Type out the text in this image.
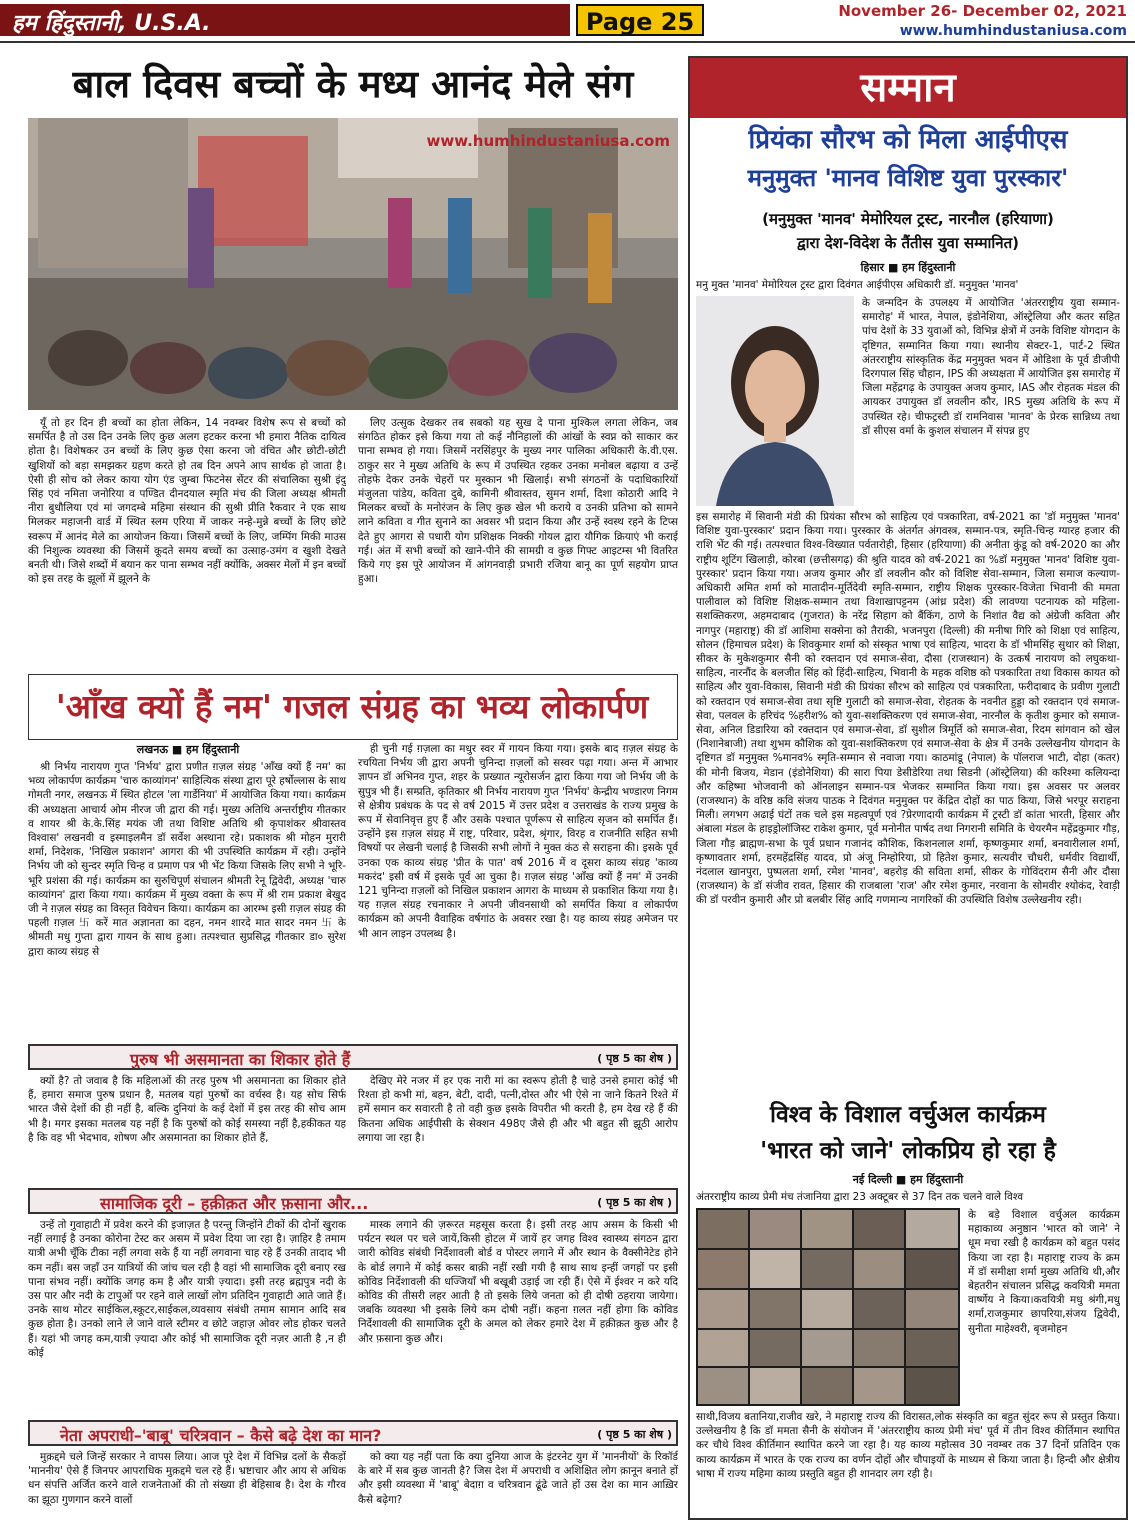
हम हिंदुस्तानी, U.S.A.	Page 25	November 26- December 02, 2021
www.humhindustaniusa.com
बाल दिवस बच्चों के मध्य आनंद मेले संग
www.humhindustaniusa.com

यूँ तो हर दिन ही बच्चों का होता लेकिन, 14 नवम्बर विशेष रूप से बच्चों को समर्पित है तो उस दिन उनके लिए कुछ अलग हटकर करना भी हमारा नैतिक दायित्व होता है। विशेषकर उन बच्चों के लिए कुछ ऐसा करना जो वंचित और छोटी-छोटी खुशियों को बड़ा समझकर ग्रहण करते हो तब दिन अपने आप सार्थक हो जाता है। ऐसी ही सोच को लेकर काया योग एंड जुम्बा फिटनेस सेंटर की संचालिका सुश्री इंदु सिंह एवं नमिता जनोरिया व पण्डित दीनदयाल स्मृति मंच की जिला अध्यक्ष श्रीमती नीरा बुधौलिया एवं मां जगदम्बे महिमा संस्थान की सुश्री प्रीति रैकवार ने एक साथ मिलकर महाजनी वार्ड में स्थित स्लम एरिया में जाकर नन्हे-मुन्ने बच्चों के लिए छोटे स्वरूप में आनंद मेले का आयोजन किया। जिसमें बच्चों के लिए, जम्पिंग मिकी माउस की निशुल्क व्यवस्था की जिसमें कूदते समय बच्चों का उत्साह-उमंग व खुशी देखते बनती थी। जिसे शब्दों में बयान कर पाना सम्भव नहीं क्योंकि, अक्सर मेलों में इन बच्चों को इस तरह के झूलों में झूलने के

लिए उत्सुक देखकर तब सबको यह सुख दे पाना मुश्किल लगता लेकिन, जब संगठित होकर इसे किया गया तो कई नौनिहालों की आंखों के स्वप्न को साकार कर पाना सम्भव हो गया। जिसमें नरसिंहपुर के मुख्य नगर पालिका अधिकारी के.वी.एस. ठाकुर सर ने मुख्य अतिथि के रूप में उपस्थित रहकर उनका मनोबल बढ़ाया व उन्हें तोहफे देकर उनके चेहरों पर मुस्कान भी खिलाई। सभी संगठनों के पदाधिकारियों मंजुलता पांडेय, कविता दुबे, कामिनी श्रीवास्तव, सुमन शर्मा, दिशा कोठारी आदि ने मिलकर बच्चों के मनोरंजन के लिए कुछ खेल भी कराये व उनकी प्रतिभा को सामने लाने कविता व गीत सुनाने का अवसर भी प्रदान किया और उन्हें स्वस्थ रहने के टिप्स देते हुए आगरा से पधारी योग प्रशिक्षक निक्की गोयल द्वारा यौगिक क्रियाएं भी कराई गई। अंत में सभी बच्चों को खाने-पीने की सामग्री व कुछ गिफ्ट आइटम्स भी वितरित किये गए इस पूरे आयोजन में आंगनवाड़ी प्रभारी रजिया बानू का पूर्ण सहयोग प्राप्त हुआ।

'आँख क्यों हैं नम' गजल संग्रह का भव्य लोकार्पण
लखनऊ ■ हम हिंदुस्तानी

श्री निर्भय नारायण गुप्त 'निर्भय' द्वारा प्रणीत ग़ज़ल संग्रह 'आँख क्यों हैं नम' का भव्य लोकार्पण कार्यक्रम 'चारु काव्यांगन' साहित्यिक संस्था द्वारा पूरे हर्षोल्लास के साथ गोमती नगर, लखनऊ में स्थित होटल 'ला गार्डेनिया' में आयोजित किया गया। कार्यक्रम की अध्यक्षता आचार्य ओम नीरज जी द्वारा की गई। मुख्य अतिथि अन्तर्राष्ट्रीय गीतकार व शायर श्री के.के.सिंह मयंक जी तथा विशिष्ट अतिथि श्री कृपाशंकर श्रीवास्तव विश्वास' लखनवी व इस्माइलमैन डॉ सर्वेश अस्थाना रहे। प्रकाशक श्री मोहन मुरारी शर्मा, निदेशक, 'निखिल प्रकाशन' आगरा की भी उपस्थिति कार्यक्रम में रही। उन्होंने निर्भय जी को सुन्दर स्मृति चिन्ह व प्रमाण पत्र भी भेंट किया जिसके लिए सभी ने भूरि-भूरि प्रशंसा की गई। कार्यक्रम का सुरुचिपूर्ण संचालन श्रीमती रेनू द्विवेदी, अध्यक्ष 'चारु काव्यांगन' द्वारा किया गया। कार्यक्रम में मुख्य वक्ता के रूप में श्री राम प्रकाश बेखुद जी ने ग़ज़ल संग्रह का विस्तृत विवेचन किया। कार्यक्रम का आरम्भ इसी ग़ज़ल संग्रह की पहली ग़ज़ल 卐 करें मात अज्ञानता का दहन, नमन शारदे मात सादर नमन 卐 के श्रीमती मधु गुप्ता द्वारा गायन के साथ हुआ। तत्पश्चात सुप्रसिद्ध गीतकार डा० सुरेश द्वारा काव्य संग्रह से

ही चुनी गई ग़ज़ला का मधुर स्वर में गायन किया गया। इसके बाद ग़ज़ल संग्रह के रचयिता निर्भय जी द्वारा अपनी चुनिन्दा ग़ज़लों को सस्वर पढ़ा गया। अन्त में आभार ज्ञापन डॉ अभिनव गुप्त, शहर के प्रख्यात न्यूरोसर्जन द्वारा किया गया जो निर्भय जी के सुपुत्र भी हैं। सम्प्रति, कृतिकार श्री निर्भय नारायण गुप्त 'निर्भय' केन्द्रीय भण्डारण निगम से क्षेत्रीय प्रबंधक के पद से वर्ष 2015 में उत्तर प्रदेश व उत्तराखंड के राज्य प्रमुख के रूप में सेवानिवृत्त हुए हैं और उसके पश्चात पूर्णरूप से साहित्य सृजन को समर्पित हैं। उन्होंने इस ग़ज़ल संग्रह में राष्ट्र, परिवार, प्रदेश, श्रृंगार, विरह व राजनीति सहित सभी विषयों पर लेखनी चलाई है जिसकी सभी लोगों ने मुक्त कंठ से सराहना की। इसके पूर्व उनका एक काव्य संग्रह 'प्रीत के पात' वर्ष 2016 में व दूसरा काव्य संग्रह 'काव्य मकरंद' इसी वर्ष में इसके पूर्व आ चुका है। ग़ज़ल संग्रह 'आँख क्यों हैं नम' में उनकी 121 चुनिन्दा ग़ज़लों को निखिल प्रकाशन आगरा के माध्यम से प्रकाशित किया गया है। यह ग़ज़ल संग्रह रचनाकार ने अपनी जीवनसाथी को समर्पित किया व लोकार्पण कार्यक्रम को अपनी वैवाहिक वर्षगांठ के अवसर रखा है। यह काव्य संग्रह अमेजन पर भी आन लाइन उपलब्ध है।

पुरुष भी असमानता का शिकार होते हैं	( पृष्ठ 5 का शेष )

क्यों है? तो जवाब है कि महिलाओं की तरह पुरुष भी असमानता का शिकार होते हैं, हमारा समाज पुरुष प्रधान है, मतलब यहां पुरुषों का वर्चस्व है। यह सोच सिर्फ भारत जैसे देशों की ही नहीं है, बल्कि दुनियां के कई देशों में इस तरह की सोच आम भी है। मगर इसका मतलब यह नहीं है कि पुरुषों को कोई समस्या नहीं है,हकीकत यह है कि वह भी भेदभाव, शोषण और असमानता का शिकार होते हैं,

देखिए मेरे नजर में हर एक नारी मां का स्वरूप होती है चाहे उनसे हमारा कोई भी रिश्ता हो कभी मां, बहन, बेटी, दादी, पत्नी,दोस्त और भी ऐसे ना जाने कितने रिश्ते में हमें समान कर सवारती है तो वही कुछ इसके विपरीत भी करती है, हम देख रहे हैं की कितना अधिक आईपीसी के सेक्शन 498ए जैसे ही और भी बहुत सी झूठी आरोप लगाया जा रहा है।

सामाजिक दूरी – हक़ीक़त और फ़साना और...	( पृष्ठ 5 का शेष )

उन्हें तो गुवाहाटी में प्रवेश करने की इजाज़त है परन्तु जिन्होंने टीकों की दोनों खुराक नहीं लगाई है उनका कोरोना टेस्ट कर असम में प्रवेश दिया जा रहा है। ज़ाहिर है तमाम यात्री अभी चूँकि टीका नहीं लगवा सके हैं या नहीं लगवाना चाह रहे हैं उनकी तादाद भी कम नहीं। बस जहाँ उन यात्रियों की जांच चल रही है वहां भी सामाजिक दूरी बनाए रख पाना संभव नहीं। क्योंकि जगह कम है और यात्री ज़्यादा। इसी तरह ब्रह्मपुत्र नदी के उस पार और नदी के टापुओं पर रहने वाले लाखों लोग प्रतिदिन गुवाहाटी आते जाते हैं। उनके साथ मोटर साईकिल,स्कूटर,साईकल,व्यवसाय संबंधी तमाम सामान आदि सब कुछ होता है। उनको लाने ले जाने वाले स्टीमर व छोटे जहाज़ ओवर लोड होकर चलते हैं। यहां भी जगह कम,यात्री ज़्यादा और कोई भी सामाजिक दूरी नज़र आती है ,न ही कोई

मास्क लगाने की ज़रूरत महसूस करता है। इसी तरह आप असम के किसी भी पर्यटन स्थल पर चले जायें,किसी होटल में जायें हर जगह विश्व स्वास्थ्य संगठन द्वारा जारी कोविड संबंधी निर्देशावली बोर्ड व पोस्टर लगाने में और स्थान के वैक्सीनेटेड होने के बोर्ड लगाने में कोई कसर बाक़ी नहीं रखी गयी है साथ साथ इन्हीं जगहों पर इसी कोविड निर्देशावली की धज्जियाँ भी बखूबी उड़ाई जा रही हैं। ऐसे में ईश्वर न करे यदि कोविड की तीसरी लहर आती है तो इसके लिये जनता को ही दोषी ठहराया जायेगा। जबकि व्यवस्था भी इसके लिये कम दोषी नहीं। कहना ग़लत नहीं होगा कि कोविड निर्देशावली की सामाजिक दूरी के अमल को लेकर हमारे देश में हक़ीक़त कुछ और है और फ़साना कुछ और।

नेता अपराधी–'बाबू' चरित्रवान – कैसे बढ़े देश का मान?	( पृष्ठ 5 का शेष )

मुक़द्दमे चले जिन्हें सरकार ने वापस लिया। आज पूरे देश में विभिन्न दलों के सैकड़ों 'माननीय' ऐसे हैं जिनपर आपराधिक मुक़द्दमे चल रहे हैं। भ्रष्टाचार और आय से अधिक धन संपत्ति अर्जित करने वाले राजनेताओं की तो संख्या ही बेहिसाब है। देश के गौरव का झूठा गुणगान करने वालों

को क्या यह नहीं पता कि क्या दुनिया आज के इंटरनेट युग में 'माननीयों' के रिकॉर्ड के बारे में सब कुछ जानती है? जिस देश में अपराधी व अशिक्षित लोग क़ानून बनाते हों और इसी व्यवस्था में 'बाबू' बेदाग़ व चरित्रवान ढूंढे जाते हों उस देश का मान आख़िर कैसे बढ़ेगा?

सम्मान
प्रियंका सौरभ को मिला आईपीएस
मनुमुक्त 'मानव विशिष्ट युवा पुरस्कार'
(मनुमुक्त 'मानव' मेमोरियल ट्रस्ट, नारनौल (हरियाणा)
द्वारा देश-विदेश के तैंतीस युवा सम्मानित)
हिसार ■ हम हिंदुस्तानी

मनु मुक्त 'मानव' मेमोरियल ट्रस्ट द्वारा दिवंगत आईपीएस अधिकारी डॉ. मनुमुक्त 'मानव'

के जन्मदिन के उपलक्ष्य में आयोजित 'अंतरराष्ट्रीय युवा सम्मान-समारोह' में भारत, नेपाल, इंडोनेशिया, ऑस्ट्रेलिया और कतर सहित पांच देशों के 33 युवाओं को, विभिन्न क्षेत्रों में उनके विशिष्ट योगदान के दृष्टिगत, सम्मानित किया गया। स्थानीय सेक्टर-1, पार्ट-2 स्थित अंतरराष्ट्रीय सांस्कृतिक केंद्र मनुमुक्त भवन में ओडिशा के पूर्व डीजीपी दिरगपाल सिंह चौहान, IPS की अध्यक्षता में आयोजित इस समारोह में जिला महेंद्रगढ़ के उपायुक्त अजय कुमार, IAS और रोहतक मंडल की आयकर उपायुक्त डॉ लवलीन कौर, IRS मुख्य अतिथि के रूप में उपस्थित रहे। चीफट्रस्टी डॉ रामनिवास 'मानव' के प्रेरक सान्निध्य तथा डॉ सीएस वर्मा के कुशल संचालन में संपन्न हुए

इस समारोह में सिवानी मंडी की प्रियंका सौरभ को साहित्य एवं पत्रकारिता, वर्ष-2021 का 'डॉ मनुमुक्त 'मानव' विशिष्ट युवा-पुरस्कार' प्रदान किया गया। पुरस्कार के अंतर्गत अंगवस्त्र, सम्मान-पत्र, स्मृति-चिन्ह ग्यारह हजार की राशि भेंट की गई। तत्पश्चात विश्व-विख्यात पर्वतारोही, हिसार (हरियाणा) की अनीता कुंडू को वर्ष-2020 का और राष्ट्रीय शूटिंग खिलाड़ी, कोरबा (छत्तीसगढ़) की श्रुति यादव को वर्ष-2021 का %डॉ मनुमुक्त 'मानव' विशिष्ट युवा-पुरस्कार' प्रदान किया गया। अजय कुमार और डॉ लवलीन कौर को विशिष्ट सेवा-सम्मान, जिला समाज कल्याण-अधिकारी अमित शर्मा को मातादीन-मूर्तिदेवी स्मृति-सम्मान, राष्ट्रीय शिक्षक पुरस्कार-विजेता भिवानी की ममता पालीवाल को विशिष्ट शिक्षक-सम्मान तथा विशाखापट्टनम (आंध्र प्रदेश) की लावण्या पटनायक को महिला-सशक्तिकरण, अहमदाबाद (गुजरात) के नरेंद्र सिहाग को बैंकिंग, ठाणे के निशांत वैद्य को अंग्रेजी कविता और नागपुर (महाराष्ट्र) की डॉ आशिमा सक्सेना को तैराकी, भजनपुरा (दिल्ली) की मनीषा गिरि को शिक्षा एवं साहित्य, सोलन (हिमाचल प्रदेश) के शिवकुमार शर्मा को संस्कृत भाषा एवं साहित्य, भादरा के डॉ भीमसिंह सुथार को शिक्षा, सीकर के मुकेशकुमार सैनी को रक्तदान एवं समाज-सेवा, दौसा (राजस्थान) के उत्कर्ष नारायण को लघुकथा-साहित्य, नारनौंद के बलजीत सिंह को हिंदी-साहित्य, भिवानी के महक वशिष्ठ को पत्रकारिता तथा विकास कायत को साहित्य और युवा-विकास, सिवानी मंडी की प्रियंका सौरभ को साहित्य एवं पत्रकारिता, फरीदाबाद के प्रवीण गुलाटी को रक्तदान एवं समाज-सेवा तथा सृष्टि गुलाटी को समाज-सेवा, रोहतक के नवनीत हुड्डा को रक्तदान एवं समाज-सेवा, पलवल के हरिचंद %हरीश% को युवा-सशक्तिकरण एवं समाज-सेवा, नारनौल के कृतीश कुमार को समाज-सेवा, अनिल डिडारिया को रक्तदान एवं समाज-सेवा, डॉ सुशील त्रिमूर्ति को समाज-सेवा, रिदम सांगवान को खेल (निशानेबाजी) तथा शुभम कौशिक को युवा-सशक्तिकरण एवं समाज-सेवा के क्षेत्र में उनके उल्लेखनीय योगदान के दृष्टिगत डॉ मनुमुक्त %मानव% स्मृति-सम्मान से नवाजा गया। काठमांडू (नेपाल) के पॉलराज भाटी, दोहा (कतर) की मोनी बिजय, मेडान (इंडोनेशिया) की सारा पिया डेसीडेरिया तथा सिडनी (ऑस्ट्रेलिया) की करिश्मा कलियन्दा और कहिष्मा भोजवानी को ऑनलाइन सम्मान-पत्र भेजकर सम्मानित किया गया। इस अवसर पर अलवर (राजस्थान) के वरिष्ठ कवि संजय पाठक ने दिवंगत मनुमुक्त पर केंद्रित दोहों का पाठ किया, जिसे भरपूर सराहना मिली। लगभग अढाई घंटों तक चले इस महत्वपूर्ण एवं ?प्रेरणादायी कार्यक्रम में ट्रस्टी डॉ कांता भारती, हिसार और अंबाला मंडल के हाइड्रोलॉजिस्ट राकेश कुमार, पूर्व मनोनीत पार्षद तथा निगरानी समिति के चेयरमैन महेंद्रकुमार गौड़, जिला गौड़ ब्राह्मण-सभा के पूर्व प्रधान गजानंद कौशिक, किशनलाल शर्मा, कृष्णकुमार शर्मा, बनवारीलाल शर्मा, कृष्णावतार शर्मा, हरमहेंद्रसिंह यादव, प्रो अंजू निम्होरिया, प्रो हितेश कुमार, सत्यवीर चौधरी, धर्मवीर विद्यार्थी, नंदलाल खानपुरा, पुष्पलता शर्मा, रमेश 'मानव', बहरोड़ की सविता शर्मा, सीकर के गोविंदराम सैनी और दौसा (राजस्थान) के डॉ संजीव रावत, हिसार की राजबाला 'राज' और रमेश कुमार, नरवाना के सोमवीर श्योकंद, रेवाड़ी की डॉ परवीन कुमारी और प्रो बलबीर सिंह आदि गणमान्य नागरिकों की उपस्थिति विशेष उल्लेखनीय रही।

विश्व के विशाल वर्चुअल कार्यक्रम
'भारत को जाने' लोकप्रिय हो रहा है
नई दिल्ली ■ हम हिंदुस्तानी

अंतरराष्ट्रीय काव्य प्रेमी मंच तंजानिया द्वारा 23 अक्टूबर से 37 दिन तक चलने वाले विश्व

के बड़े विशाल वर्चुअल कार्यक्रम महाकाव्य अनुष्ठान 'भारत को जाने' ने धूम मचा रखी है कार्यक्रम को बहुत पसंद किया जा रहा है। महाराष्ट्र राज्य के क्रम में डॉ समीक्षा शर्मा मुख्य अतिथि थी,और बेहतरीन संचालन प्रसिद्ध कवयित्री ममता वार्ष्णेय ने किया।कवयित्री मधु श्रंगी,मधु शर्मा,राजकुमार छापरिया,संजय द्विवेदी, सुनीता माहेश्वरी, बृजमोहन

साथी,विजय बतानिया,राजीव खरे, ने महाराष्ट्र राज्य की विरासत,लोक संस्कृति का बहुत सुंदर रूप से प्रस्तुत किया। उल्लेखनीय है कि डॉ ममता सैनी के संयोजन में 'अंतरराष्ट्रीय काव्य प्रेमी मंच' पूर्व में तीन विश्व कीर्तिमान स्थापित कर चौथे विश्व कीर्तिमान स्थापित करने जा रहा है। यह काव्य महोत्सव 30 नवम्बर तक 37 दिनों प्रतिदिन एक काव्य कार्यक्रम में भारत के एक राज्य का वर्णन दोहों और चौपाइयों के माध्यम से किया जाता है। हिन्दी और क्षेत्रीय भाषा में राज्य महिमा काव्य प्रस्तुति बहुत ही शानदार लग रही है।
